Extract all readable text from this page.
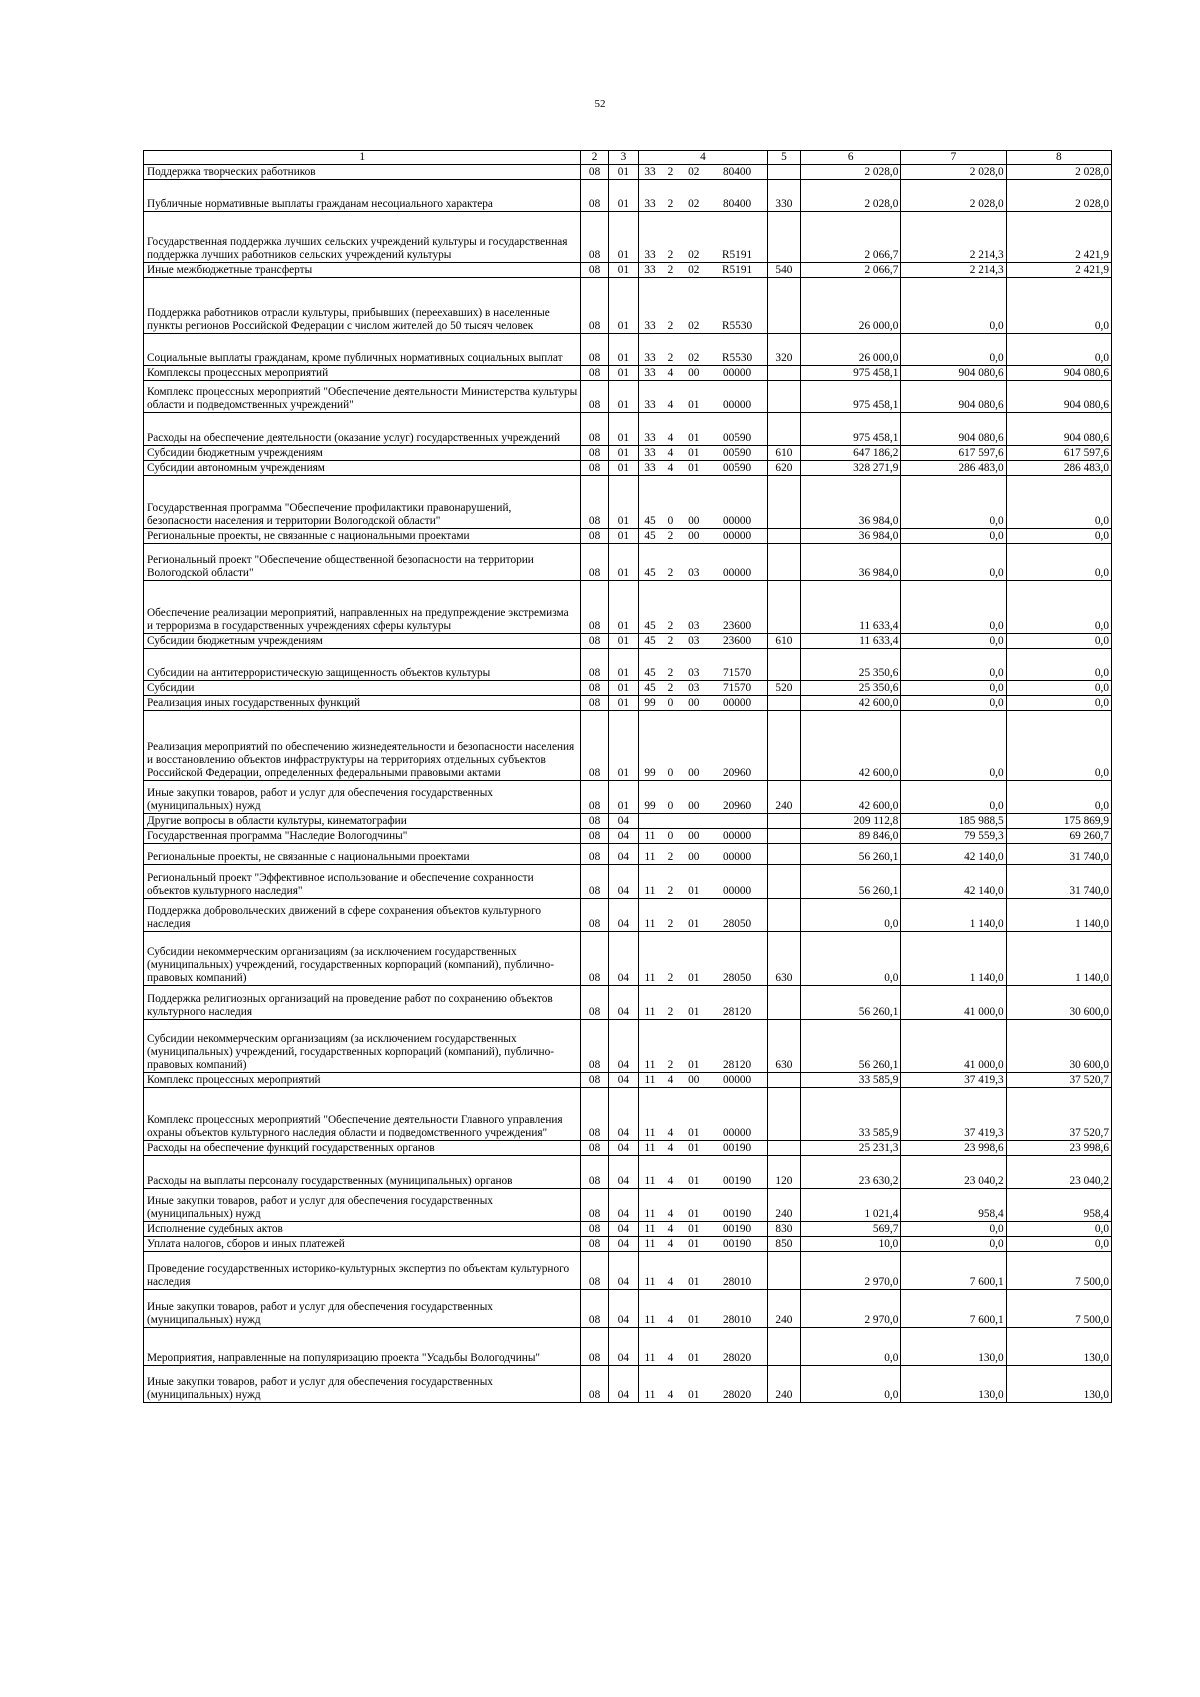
52
1	2	3	4				5	6	7	8
Поддержка творческих работников	08	01	33	2	02	80400		2 028,0	2 028,0	2 028,0
Публичные нормативные выплаты гражданам несоциального характера	08	01	33	2	02	80400	330	2 028,0	2 028,0	2 028,0
Государственная поддержка лучших сельских учреждений культуры и государственная поддержка лучших работников сельских учреждений культуры	08	01	33	2	02	R5191		2 066,7	2 214,3	2 421,9
Иные межбюджетные трансферты	08	01	33	2	02	R5191	540	2 066,7	2 214,3	2 421,9
Поддержка работников отрасли культуры, прибывших (переехавших) в населенные пункты регионов Российской Федерации с числом жителей до 50 тысяч человек	08	01	33	2	02	R5530		26 000,0	0,0	0,0
Социальные выплаты гражданам, кроме публичных нормативных социальных выплат	08	01	33	2	02	R5530	320	26 000,0	0,0	0,0
Комплексы процессных мероприятий	08	01	33	4	00	00000		975 458,1	904 080,6	904 080,6
Комплекс процессных мероприятий "Обеспечение деятельности Министерства культуры области и подведомственных учреждений"	08	01	33	4	01	00000		975 458,1	904 080,6	904 080,6
Расходы на обеспечение деятельности (оказание услуг) государственных учреждений	08	01	33	4	01	00590		975 458,1	904 080,6	904 080,6
Субсидии бюджетным учреждениям	08	01	33	4	01	00590	610	647 186,2	617 597,6	617 597,6
Субсидии автономным учреждениям	08	01	33	4	01	00590	620	328 271,9	286 483,0	286 483,0
Государственная программа "Обеспечение профилактики правонарушений, безопасности населения и территории Вологодской области"	08	01	45	0	00	00000		36 984,0	0,0	0,0
Региональные проекты, не связанные с национальными проектами	08	01	45	2	00	00000		36 984,0	0,0	0,0
Региональный проект "Обеспечение общественной безопасности на территории Вологодской области"	08	01	45	2	03	00000		36 984,0	0,0	0,0
Обеспечение реализации мероприятий, направленных на предупреждение экстремизма и терроризма в государственных учреждениях сферы культуры	08	01	45	2	03	23600		11 633,4	0,0	0,0
Субсидии бюджетным учреждениям	08	01	45	2	03	23600	610	11 633,4	0,0	0,0
Субсидии на антитеррористическую защищенность объектов культуры	08	01	45	2	03	71570		25 350,6	0,0	0,0
Субсидии	08	01	45	2	03	71570	520	25 350,6	0,0	0,0
Реализация иных государственных функций	08	01	99	0	00	00000		42 600,0	0,0	0,0
Реализация мероприятий по обеспечению жизнедеятельности и безопасности населения и восстановлению объектов инфраструктуры на территориях отдельных субъектов Российской Федерации, определенных федеральными правовыми актами	08	01	99	0	00	20960		42 600,0	0,0	0,0
Иные закупки товаров, работ и услуг для обеспечения государственных (муниципальных) нужд	08	01	99	0	00	20960	240	42 600,0	0,0	0,0
Другие вопросы в области культуры, кинематографии	08	04						209 112,8	185 988,5	175 869,9
Государственная программа "Наследие Вологодчины"	08	04	11	0	00	00000		89 846,0	79 559,3	69 260,7
Региональные проекты, не связанные с национальными проектами	08	04	11	2	00	00000		56 260,1	42 140,0	31 740,0
Региональный проект "Эффективное использование и обеспечение сохранности объектов культурного наследия"	08	04	11	2	01	00000		56 260,1	42 140,0	31 740,0
Поддержка добровольческих движений в сфере сохранения объектов культурного наследия	08	04	11	2	01	28050		0,0	1 140,0	1 140,0
Субсидии некоммерческим организациям (за исключением государственных (муниципальных) учреждений, государственных корпораций (компаний), публично-правовых компаний)	08	04	11	2	01	28050	630	0,0	1 140,0	1 140,0
Поддержка религиозных организаций на проведение работ по сохранению объектов культурного наследия	08	04	11	2	01	28120		56 260,1	41 000,0	30 600,0
Субсидии некоммерческим организациям (за исключением государственных (муниципальных) учреждений, государственных корпораций (компаний), публично-правовых компаний)	08	04	11	2	01	28120	630	56 260,1	41 000,0	30 600,0
Комплекс процессных мероприятий	08	04	11	4	00	00000		33 585,9	37 419,3	37 520,7
Комплекс процессных мероприятий "Обеспечение деятельности Главного управления охраны объектов культурного наследия области и подведомственного учреждения"	08	04	11	4	01	00000		33 585,9	37 419,3	37 520,7
Расходы на обеспечение функций государственных органов	08	04	11	4	01	00190		25 231,3	23 998,6	23 998,6
Расходы на выплаты персоналу государственных (муниципальных) органов	08	04	11	4	01	00190	120	23 630,2	23 040,2	23 040,2
Иные закупки товаров, работ и услуг для обеспечения государственных (муниципальных) нужд	08	04	11	4	01	00190	240	1 021,4	958,4	958,4
Исполнение судебных актов	08	04	11	4	01	00190	830	569,7	0,0	0,0
Уплата налогов, сборов и иных платежей	08	04	11	4	01	00190	850	10,0	0,0	0,0
Проведение государственных историко-культурных экспертиз по объектам культурного наследия	08	04	11	4	01	28010		2 970,0	7 600,1	7 500,0
Иные закупки товаров, работ и услуг для обеспечения государственных (муниципальных) нужд	08	04	11	4	01	28010	240	2 970,0	7 600,1	7 500,0
Мероприятия, направленные на популяризацию проекта "Усадьбы Вологодчины"	08	04	11	4	01	28020		0,0	130,0	130,0
Иные закупки товаров, работ и услуг для обеспечения государственных (муниципальных) нужд	08	04	11	4	01	28020	240	0,0	130,0	130,0
